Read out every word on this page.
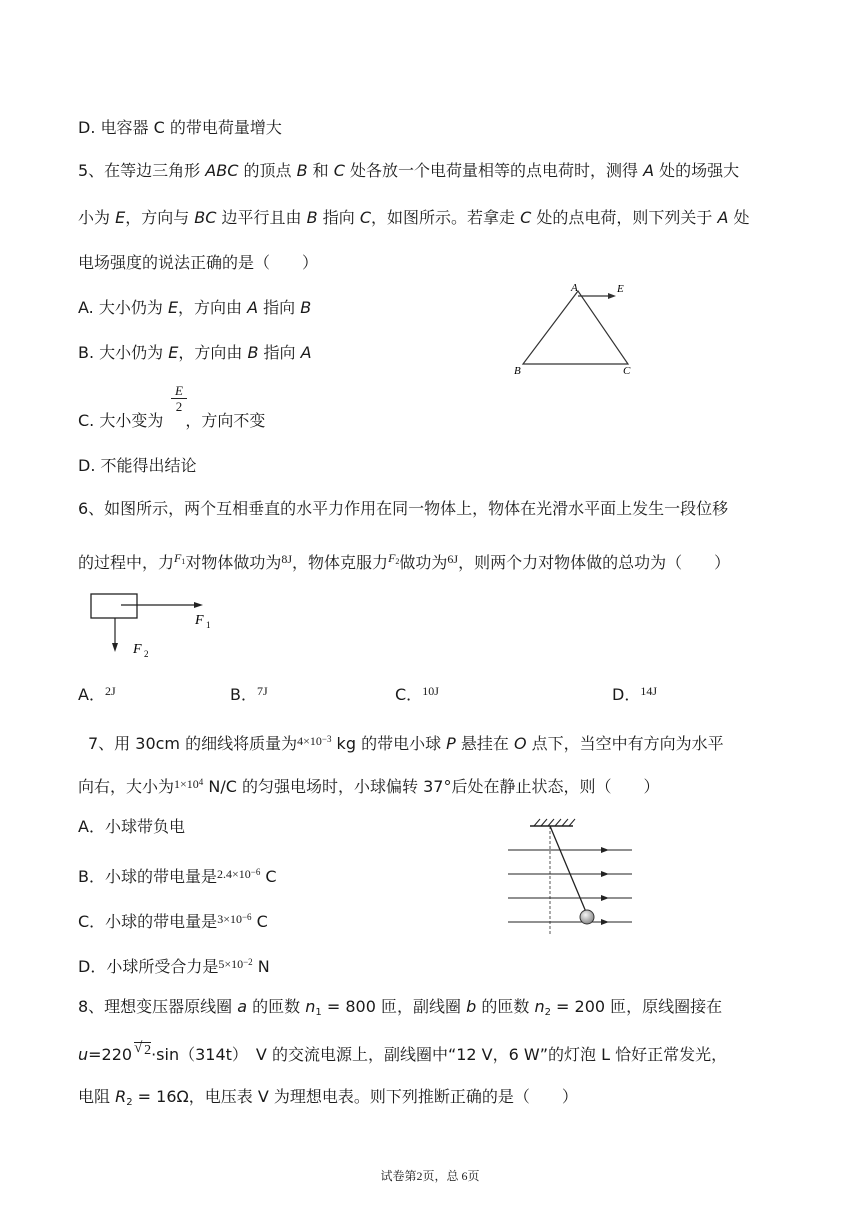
D. 电容器 C 的带电荷量增大
5、在等边三角形 ABC 的顶点 B 和 C 处各放一个电荷量相等的点电荷时，测得 A 处的场强大
小为 E，方向与 BC 边平行且由 B 指向 C，如图所示。若拿走 C 处的点电荷，则下列关于 A 处
电场强度的说法正确的是（　　）
A. 大小仍为 E，方向由 A 指向 B
B. 大小仍为 E，方向由 B 指向 A
C. 大小变为 ，方向不变
$\frac{E}{2}$
D. 不能得出结论
A	E
B	C
6、如图所示，两个互相垂直的水平力作用在同一物体上，物体在光滑水平面上发生一段位移
的过程中，力$^{F1}$对物体做功为$^{8J}$，物体克服力$^{F2}$做功为$^{6J}$，则两个力对物体做的总功为（　　）
F 1
F 2
A．$^{2J}$	B．$^{7J}$	C．$^{10J}$	D．$^{14J}$
7、用 30cm 的细线将质量为$^{4\times 10-3}$ kg 的带电小球 P 悬挂在 O 点下，当空中有方向为水平
向右，大小为$^{1\times 104}$ N/C 的匀强电场时，小球偏转 37°后处在静止状态，则（　　）
A．小球带负电
B．小球的带电量是$^{2.4\times 10-6}$ C
C．小球的带电量是$^{3\times 10-6}$ C
D．小球所受合力是$^{5\times 10-2}$ N
8、理想变压器原线圈 a 的匝数 n1 = 800 匝，副线圈 b 的匝数 n2 = 200 匝，原线圈接在
u=220 √ 2·sin（314t）　V 的交流电源上，副线圈中“12 V，6 W”的灯泡 L 恰好正常发光，
电阻 R2 = 16Ω，电压表 V 为理想电表。则下列推断正确的是（　　）
试卷第2页，总 6页
